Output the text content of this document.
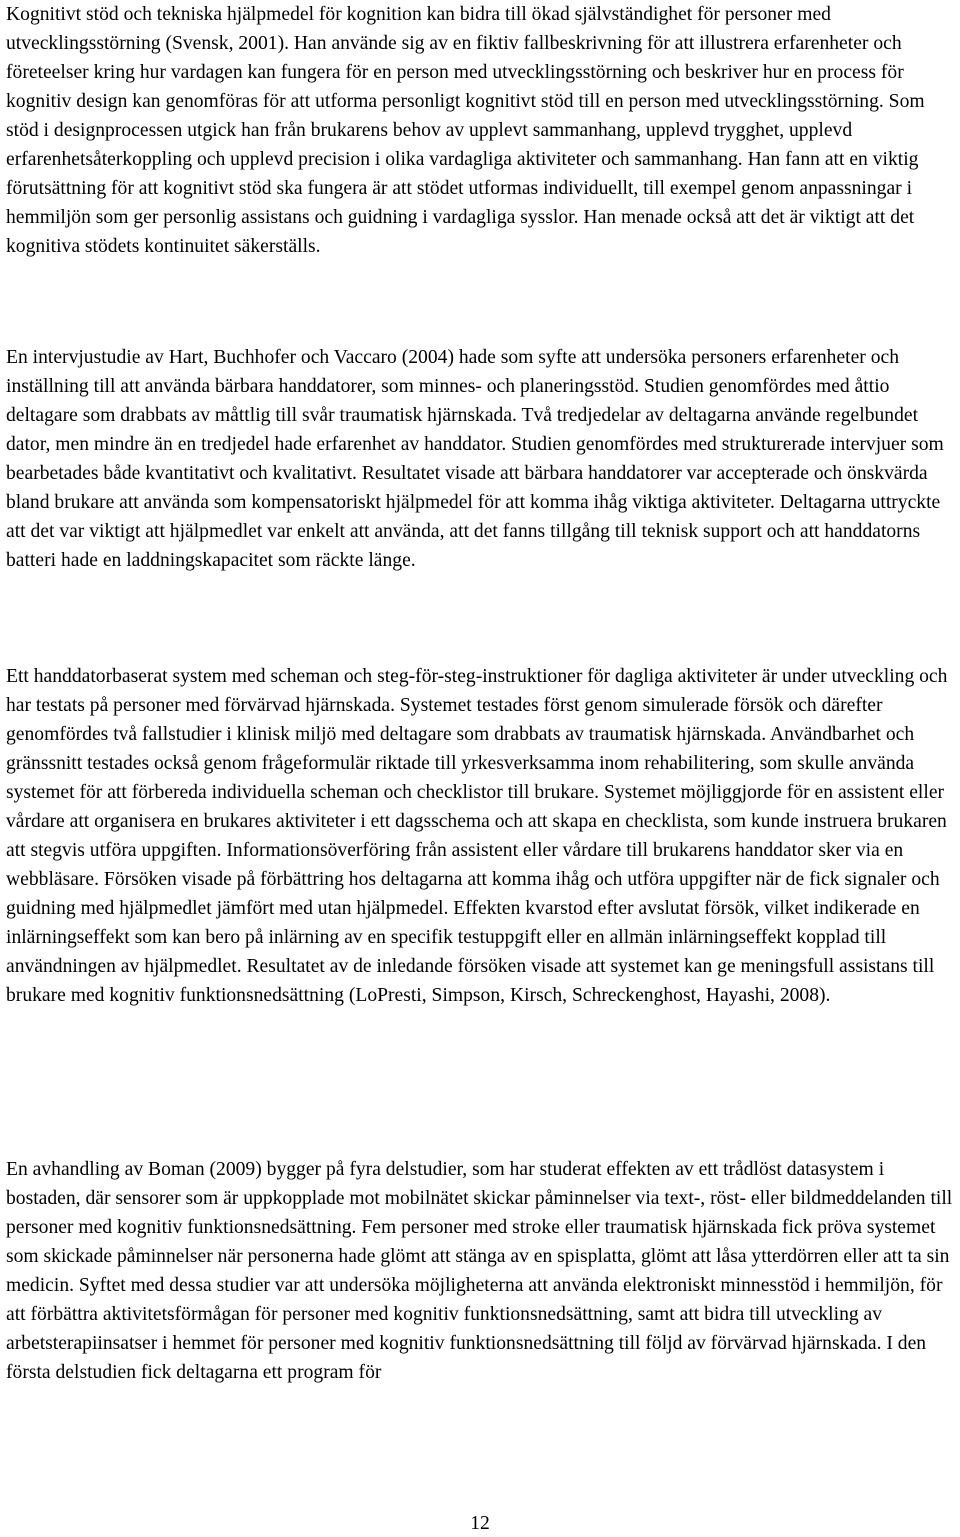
Kognitivt stöd och tekniska hjälpmedel för kognition kan bidra till ökad självständighet för personer med utvecklingsstörning (Svensk, 2001). Han använde sig av en fiktiv fallbeskrivning för att illustrera erfarenheter och företeelser kring hur vardagen kan fungera för en person med utvecklingsstörning och beskriver hur en process för kognitiv design kan genomföras för att utforma personligt kognitivt stöd till en person med utvecklingsstörning. Som stöd i designprocessen utgick han från brukarens behov av upplevt sammanhang, upplevd trygghet, upplevd erfarenhetsåterkoppling och upplevd precision i olika vardagliga aktiviteter och sammanhang. Han fann att en viktig förutsättning för att kognitivt stöd ska fungera är att stödet utformas individuellt, till exempel genom anpassningar i hemmiljön som ger personlig assistans och guidning i vardagliga sysslor. Han menade också att det är viktigt att det kognitiva stödets kontinuitet säkerställs.

En intervjustudie av Hart, Buchhofer och Vaccaro (2004) hade som syfte att undersöka personers erfarenheter och inställning till att använda bärbara handdatorer, som minnes- och planeringsstöd. Studien genomfördes med åttio deltagare som drabbats av måttlig till svår traumatisk hjärnskada. Två tredjedelar av deltagarna använde regelbundet dator, men mindre än en tredjedel hade erfarenhet av handdator. Studien genomfördes med strukturerade intervjuer som bearbetades både kvantitativt och kvalitativt. Resultatet visade att bärbara handdatorer var accepterade och önskvärda bland brukare att använda som kompensatoriskt hjälpmedel för att komma ihåg viktiga aktiviteter. Deltagarna uttryckte att det var viktigt att hjälpmedlet var enkelt att använda, att det fanns tillgång till teknisk support och att handdatorns batteri hade en laddningskapacitet som räckte länge.

Ett handdatorbaserat system med scheman och steg-för-steg-instruktioner för dagliga aktiviteter är under utveckling och har testats på personer med förvärvad hjärnskada. Systemet testades först genom simulerade försök och därefter genomfördes två fallstudier i klinisk miljö med deltagare som drabbats av traumatisk hjärnskada. Användbarhet och gränssnitt testades också genom frågeformulär riktade till yrkesverksamma inom rehabilitering, som skulle använda systemet för att förbereda individuella scheman och checklistor till brukare. Systemet möjliggjorde för en assistent eller vårdare att organisera en brukares aktiviteter i ett dagsschema och att skapa en checklista, som kunde instruera brukaren att stegvis utföra uppgiften. Informationsöverföring från assistent eller vårdare till brukarens handdator sker via en webbläsare. Försöken visade på förbättring hos deltagarna att komma ihåg och utföra uppgifter när de fick signaler och guidning med hjälpmedlet jämfört med utan hjälpmedel. Effekten kvarstod efter avslutat försök, vilket indikerade en inlärningseffekt som kan bero på inlärning av en specifik testuppgift eller en allmän inlärningseffekt kopplad till användningen av hjälpmedlet. Resultatet av de inledande försöken visade att systemet kan ge meningsfull assistans till brukare med kognitiv funktionsnedsättning (LoPresti, Simpson, Kirsch, Schreckenghost, Hayashi, 2008).

En avhandling av Boman (2009) bygger på fyra delstudier, som har studerat effekten av ett trådlöst datasystem i bostaden, där sensorer som är uppkopplade mot mobilnätet skickar påminnelser via text-, röst- eller bildmeddelanden till personer med kognitiv funktionsnedsättning. Fem personer med stroke eller traumatisk hjärnskada fick pröva systemet som skickade påminnelser när personerna hade glömt att stänga av en spisplatta, glömt att låsa ytterdörren eller att ta sin medicin. Syftet med dessa studier var att undersöka möjligheterna att använda elektroniskt minnesstöd i hemmiljön, för att förbättra aktivitetsförmågan för personer med kognitiv funktionsnedsättning, samt att bidra till utveckling av arbetsterapiinsatser i hemmet för personer med kognitiv funktionsnedsättning till följd av förvärvad hjärnskada. I den första delstudien fick deltagarna ett program för

12
